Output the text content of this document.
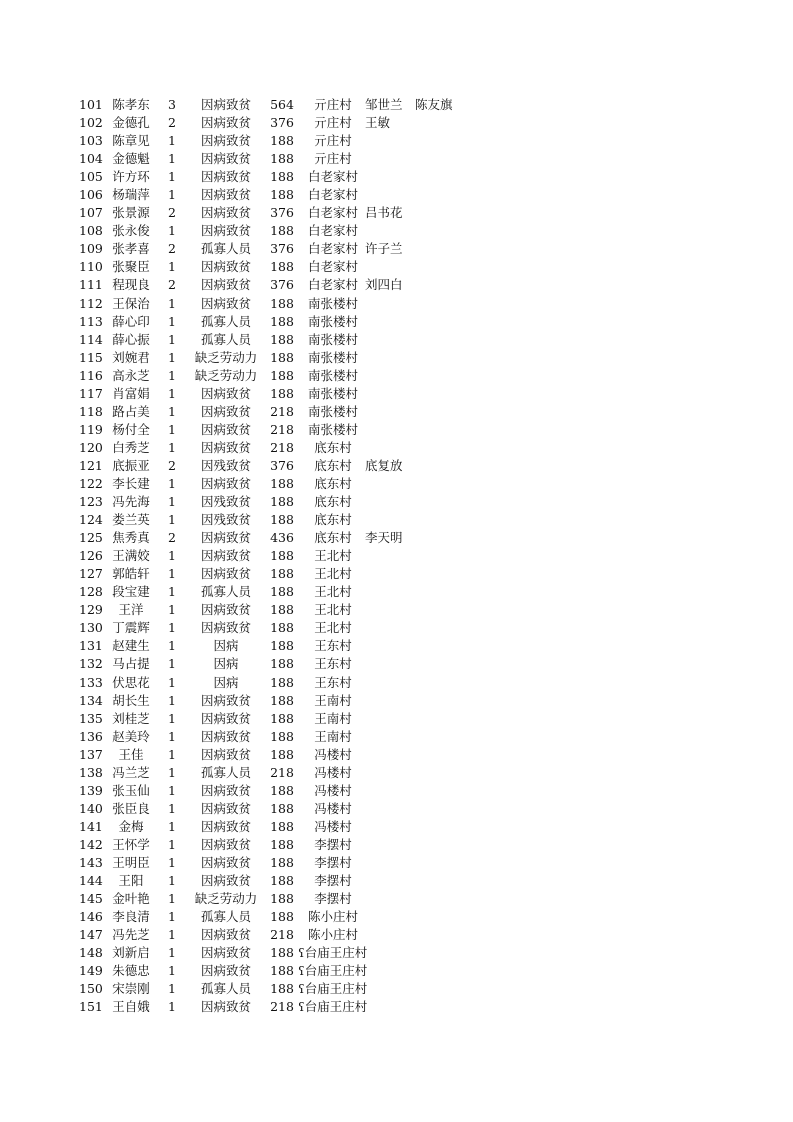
101 陈孝东	3	因病致贫	564	亓庄村	邹世兰 陈友旗
102 金德孔	2	因病致贫	376	亓庄村	王敏
103 陈章见	1	因病致贫	188	亓庄村
104 金德魁	1	因病致贫	188	亓庄村
105 许方环	1	因病致贫	188	白老家村
106 杨瑞萍	1	因病致贫	188	白老家村
107 张景源	2	因病致贫	376	白老家村 吕书花
108 张永俊	1	因病致贫	188	白老家村
109 张孝喜	2	孤寡人员	376	白老家村 许子兰
110 张聚臣	1	因病致贫	188	白老家村
111 程现良	2	因病致贫	376	白老家村 刘四白
112 王保治	1	因病致贫	188	南张楼村
113 薛心印	1	孤寡人员	188	南张楼村
114 薛心振	1	孤寡人员	188	南张楼村
115 刘婉君	1	缺乏劳动力	188	南张楼村
116 高永芝	1	缺乏劳动力	188	南张楼村
117 肖富娟	1	因病致贫	188	南张楼村
118 路占美	1	因病致贫	218	南张楼村
119 杨付全	1	因病致贫	218	南张楼村
120 白秀芝	1	因病致贫	218	底东村
121 底振亚	2	因残致贫	376	底东村	底复放
122 李长建	1	因病致贫	188	底东村
123 冯先海	1	因残致贫	188	底东村
124 娄兰英	1	因残致贫	188	底东村
125 焦秀真	2	因病致贫	436	底东村	李天明
126 王满姣	1	因病致贫	188	王北村
127 郭皓轩	1	因病致贫	188	王北村
128 段宝建	1	孤寡人员	188	王北村
129	王洋	1	因病致贫	188	王北村
130 丁震辉	1	因病致贫	188	王北村
131 赵建生	1	因病	188	王东村
132 马占提	1	因病	188	王东村
133 伏思花	1	因病	188	王东村
134 胡长生	1	因病致贫	188	王南村
135 刘桂芝	1	因病致贫	188	王南村
136 赵美玲	1	因病致贫	188	王南村
137	王佳	1	因病致贫	188	冯楼村
138 冯兰芝	1	孤寡人员	218	冯楼村
139 张玉仙	1	因病致贫	188	冯楼村
140 张臣良	1	因病致贫	188	冯楼村
141	金梅	1	因病致贫	188	冯楼村
142 王怀学	1	因病致贫	188	李摆村
143 王明臣	1	因病致贫	188	李摆村
144	王阳	1	因病致贫	188	李摆村
145 金叶艳	1	缺乏劳动力	188	李摆村
146 李良清	1	孤寡人员	188	陈小庄村
147 冯先芝	1	因病致贫	218	陈小庄村
148 刘新启	1	因病致贫	188 ʕ台庙王庄村
149 朱德忠	1	因病致贫	188 ʕ台庙王庄村
150 宋崇刚	1	孤寡人员	188 ʕ台庙王庄村
151 王自娥	1	因病致贫	218 ʕ台庙王庄村
